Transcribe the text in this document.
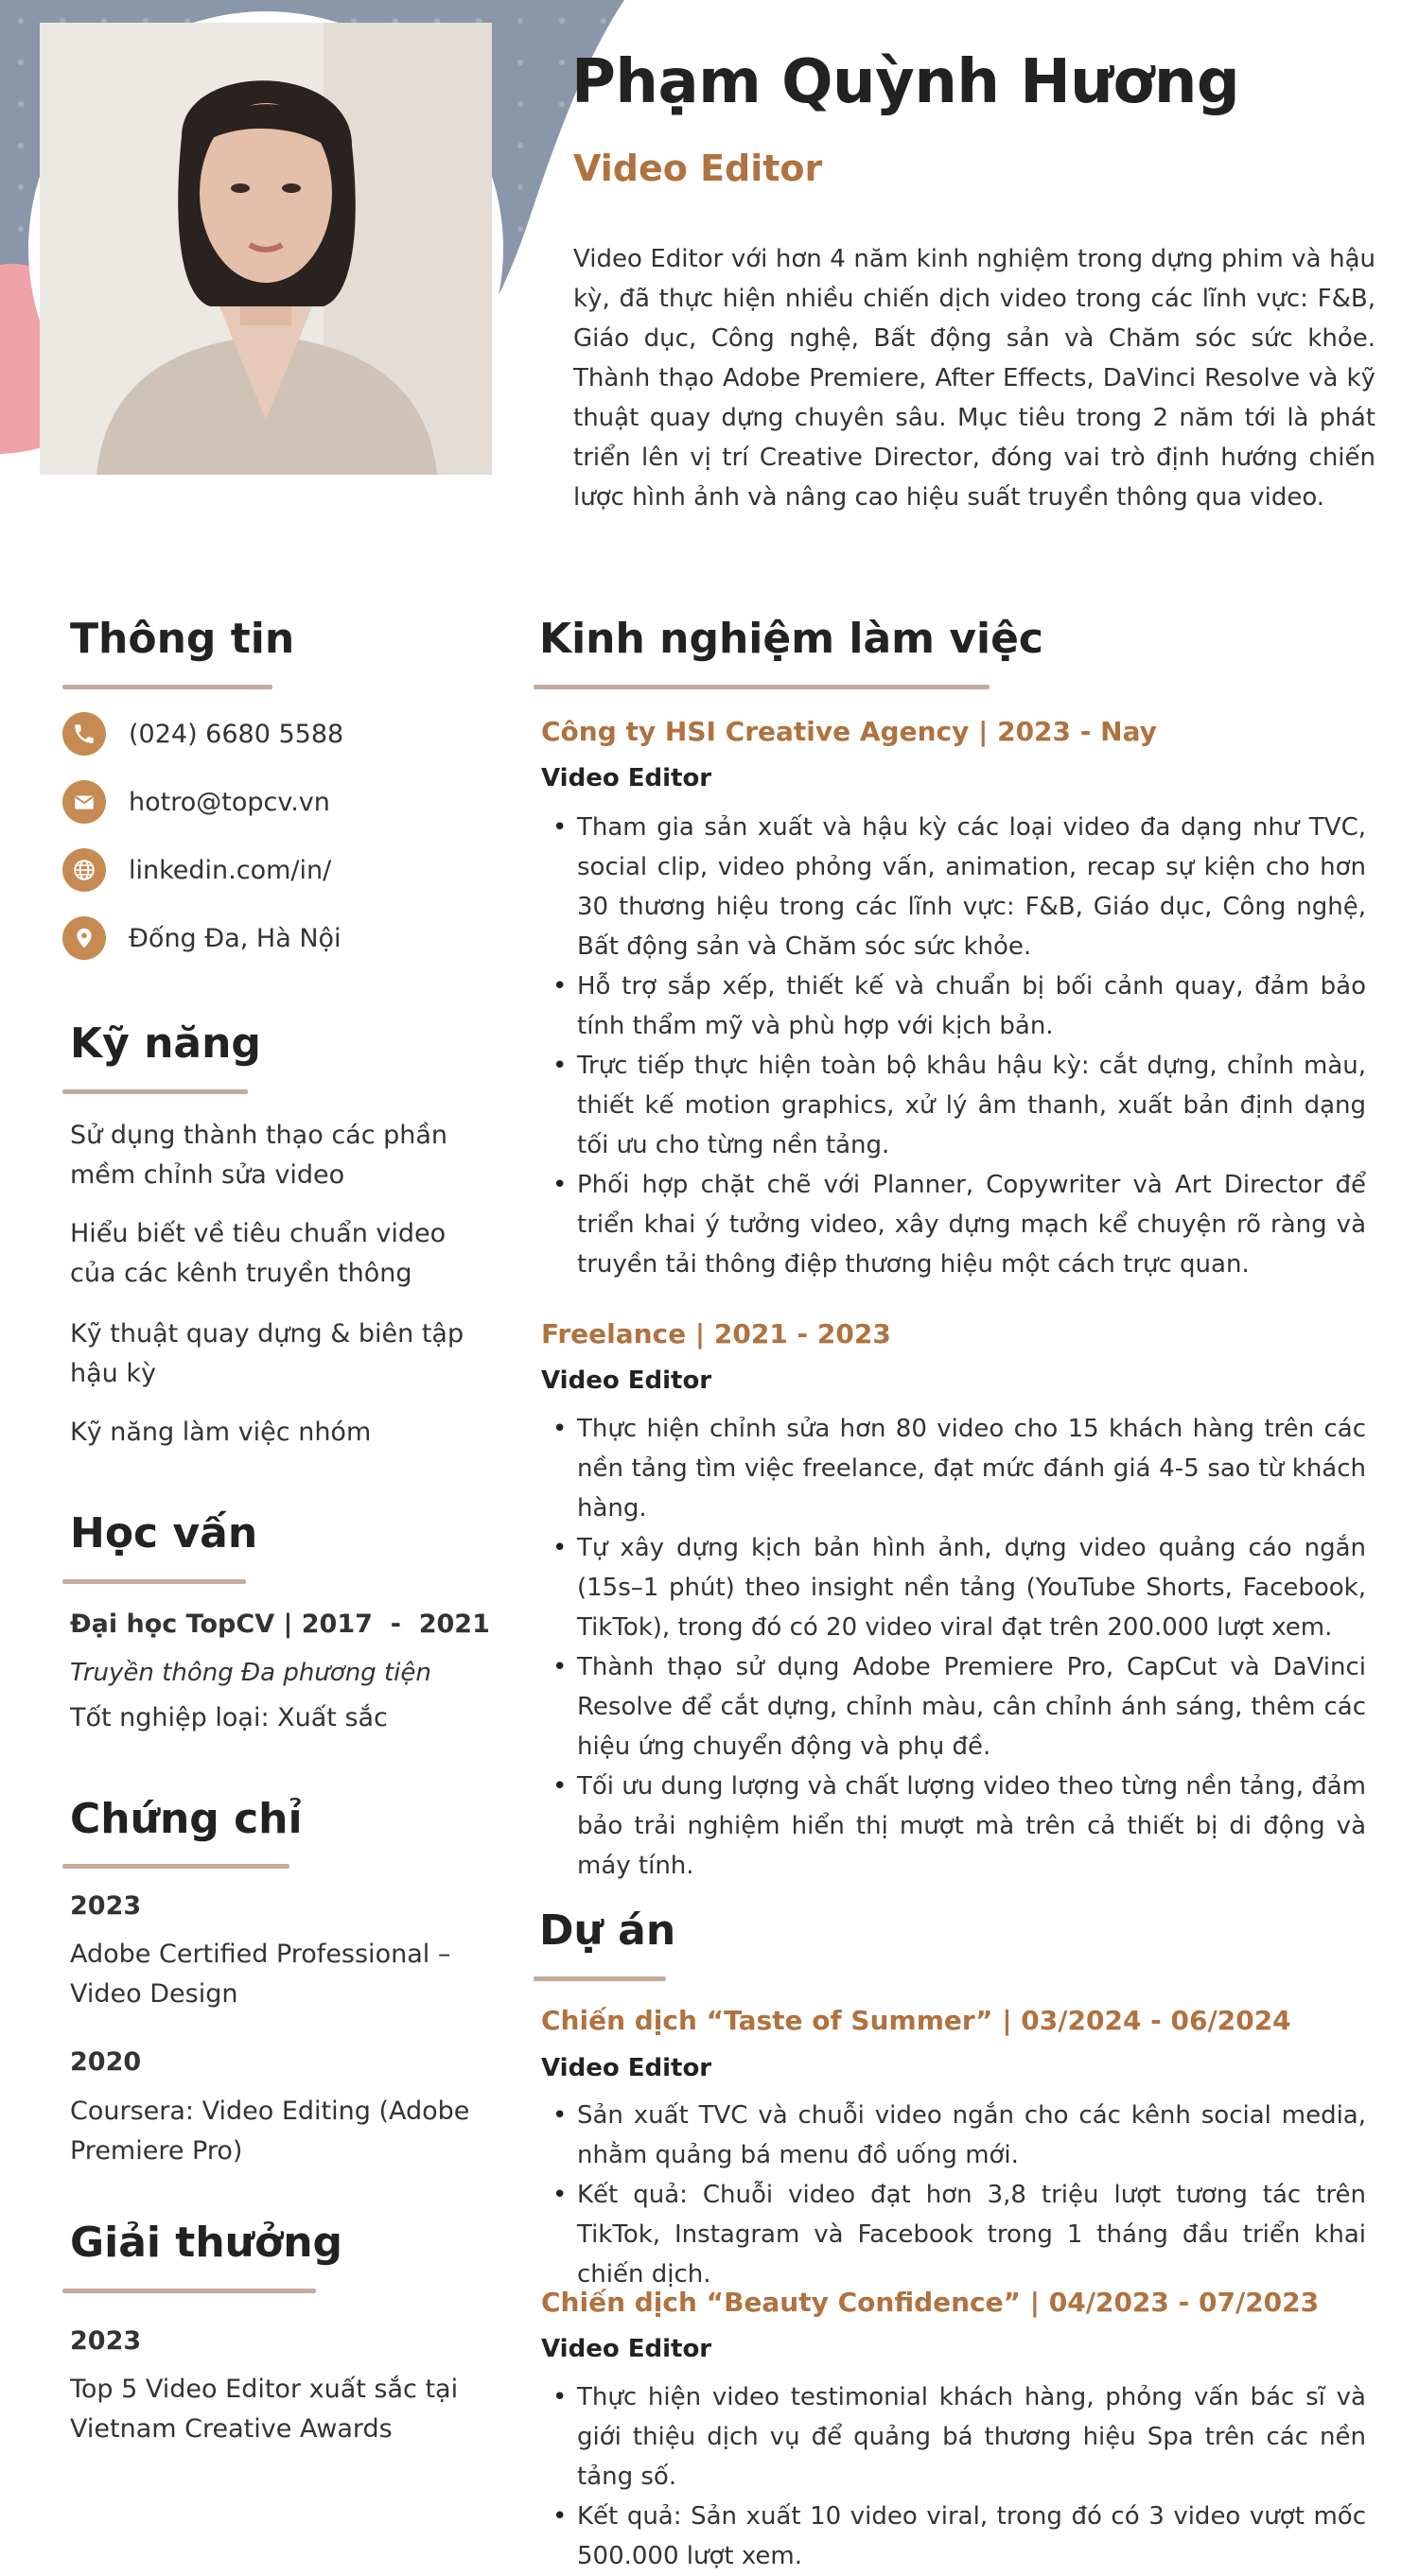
Phạm Quỳnh Hương
Video Editor

Video Editor với hơn 4 năm kinh nghiệm trong dựng phim và hậu kỳ, đã thực hiện nhiều chiến dịch video trong các lĩnh vực: F&B, Giáo dục, Công nghệ, Bất động sản và Chăm sóc sức khỏe. Thành thạo Adobe Premiere, After Effects, DaVinci Resolve và kỹ thuật quay dựng chuyên sâu. Mục tiêu trong 2 năm tới là phát triển lên vị trí Creative Director, đóng vai trò định hướng chiến lược hình ảnh và nâng cao hiệu suất truyền thông qua video.

Thông tin
(024) 6680 5588
hotro@topcv.vn
linkedin.com/in/
Đống Đa, Hà Nội
Kỹ năng
Sử dụng thành thạo các phần mềm chỉnh sửa video
Hiểu biết về tiêu chuẩn video của các kênh truyền thông
Kỹ thuật quay dựng & biên tập hậu kỳ
Kỹ năng làm việc nhóm
Học vấn
Đại học TopCV | 2017  -  2021
Truyền thông Đa phương tiện
Tốt nghiệp loại: Xuất sắc
Chứng chỉ
2023
Adobe Certified Professional – Video Design
2020
Coursera: Video Editing (Adobe Premiere Pro)
Giải thưởng
2023
Top 5 Video Editor xuất sắc tại Vietnam Creative Awards
Kinh nghiệm làm việc
Công ty HSI Creative Agency | 2023 - Nay
Video Editor
• Tham gia sản xuất và hậu kỳ các loại video đa dạng như TVC, social clip, video phỏng vấn, animation, recap sự kiện cho hơn 30 thương hiệu trong các lĩnh vực: F&B, Giáo dục, Công nghệ, Bất động sản và Chăm sóc sức khỏe.
• Hỗ trợ sắp xếp, thiết kế và chuẩn bị bối cảnh quay, đảm bảo tính thẩm mỹ và phù hợp với kịch bản.
• Trực tiếp thực hiện toàn bộ khâu hậu kỳ: cắt dựng, chỉnh màu, thiết kế motion graphics, xử lý âm thanh, xuất bản định dạng tối ưu cho từng nền tảng.
• Phối hợp chặt chẽ với Planner, Copywriter và Art Director để triển khai ý tưởng video, xây dựng mạch kể chuyện rõ ràng và truyền tải thông điệp thương hiệu một cách trực quan.
Freelance | 2021 - 2023
Video Editor
• Thực hiện chỉnh sửa hơn 80 video cho 15 khách hàng trên các nền tảng tìm việc freelance, đạt mức đánh giá 4-5 sao từ khách hàng.
• Tự xây dựng kịch bản hình ảnh, dựng video quảng cáo ngắn (15s–1 phút) theo insight nền tảng (YouTube Shorts, Facebook, TikTok), trong đó có 20 video viral đạt trên 200.000 lượt xem.
• Thành thạo sử dụng Adobe Premiere Pro, CapCut và DaVinci Resolve để cắt dựng, chỉnh màu, cân chỉnh ánh sáng, thêm các hiệu ứng chuyển động và phụ đề.
• Tối ưu dung lượng và chất lượng video theo từng nền tảng, đảm bảo trải nghiệm hiển thị mượt mà trên cả thiết bị di động và máy tính.
Dự án
Chiến dịch “Taste of Summer” | 03/2024 - 06/2024
Video Editor
• Sản xuất TVC và chuỗi video ngắn cho các kênh social media, nhằm quảng bá menu đồ uống mới.
• Kết quả: Chuỗi video đạt hơn 3,8 triệu lượt tương tác trên TikTok, Instagram và Facebook trong 1 tháng đầu triển khai chiến dịch.
Chiến dịch “Beauty Confidence” | 04/2023 - 07/2023
Video Editor
• Thực hiện video testimonial khách hàng, phỏng vấn bác sĩ và giới thiệu dịch vụ để quảng bá thương hiệu Spa trên các nền tảng số.
• Kết quả: Sản xuất 10 video viral, trong đó có 3 video vượt mốc 500.000 lượt xem.
